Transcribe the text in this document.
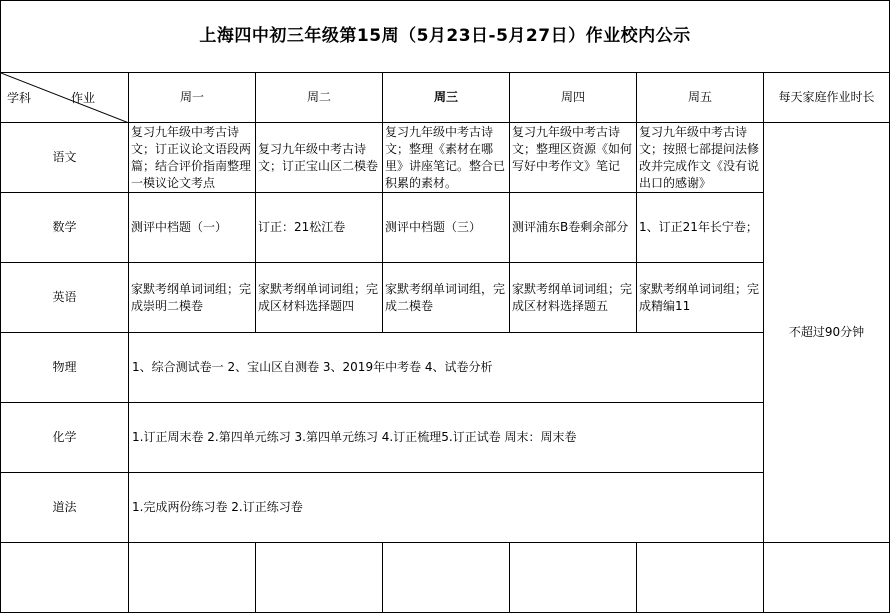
上海四中初三年级第15周（5月23日-5月27日）作业校内公示						

学科 作业	周一	周二	周三	周四	周五	每天家庭作业时长
语文	复习九年级中考古诗文；订正议论文语段两篇；结合评价指南整理一模议论文考点	复习九年级中考古诗文；订正宝山区二模卷	复习九年级中考古诗文；整理《素材在哪里》讲座笔记。整合已积累的素材。	复习九年级中考古诗文；整理区资源《如何写好中考作文》笔记	复习九年级中考古诗文；按照七部提问法修改并完成作文《没有说出口的感谢》	不超过90分钟
数学	测评中档题（一）	订正：21松江卷	测评中档题（三）	测评浦东B卷剩余部分	1、订正21年长宁卷；	
英语	家默考纲单词词组；完成崇明二模卷	家默考纲单词词组；完成区材料选择题四	家默考纲单词词组，完成二模卷	家默考纲单词词组；完成区材料选择题五	家默考纲单词词组；完成精编11	
物理	1、综合测试卷一 2、宝山区自测卷 3、2019年中考卷 4、试卷分析					
化学	1.订正周末卷 2.第四单元练习 3.第四单元练习 4.订正梳理5.订正试卷 周末：周末卷					
道法	1.完成两份练习卷 2.订正练习卷					
